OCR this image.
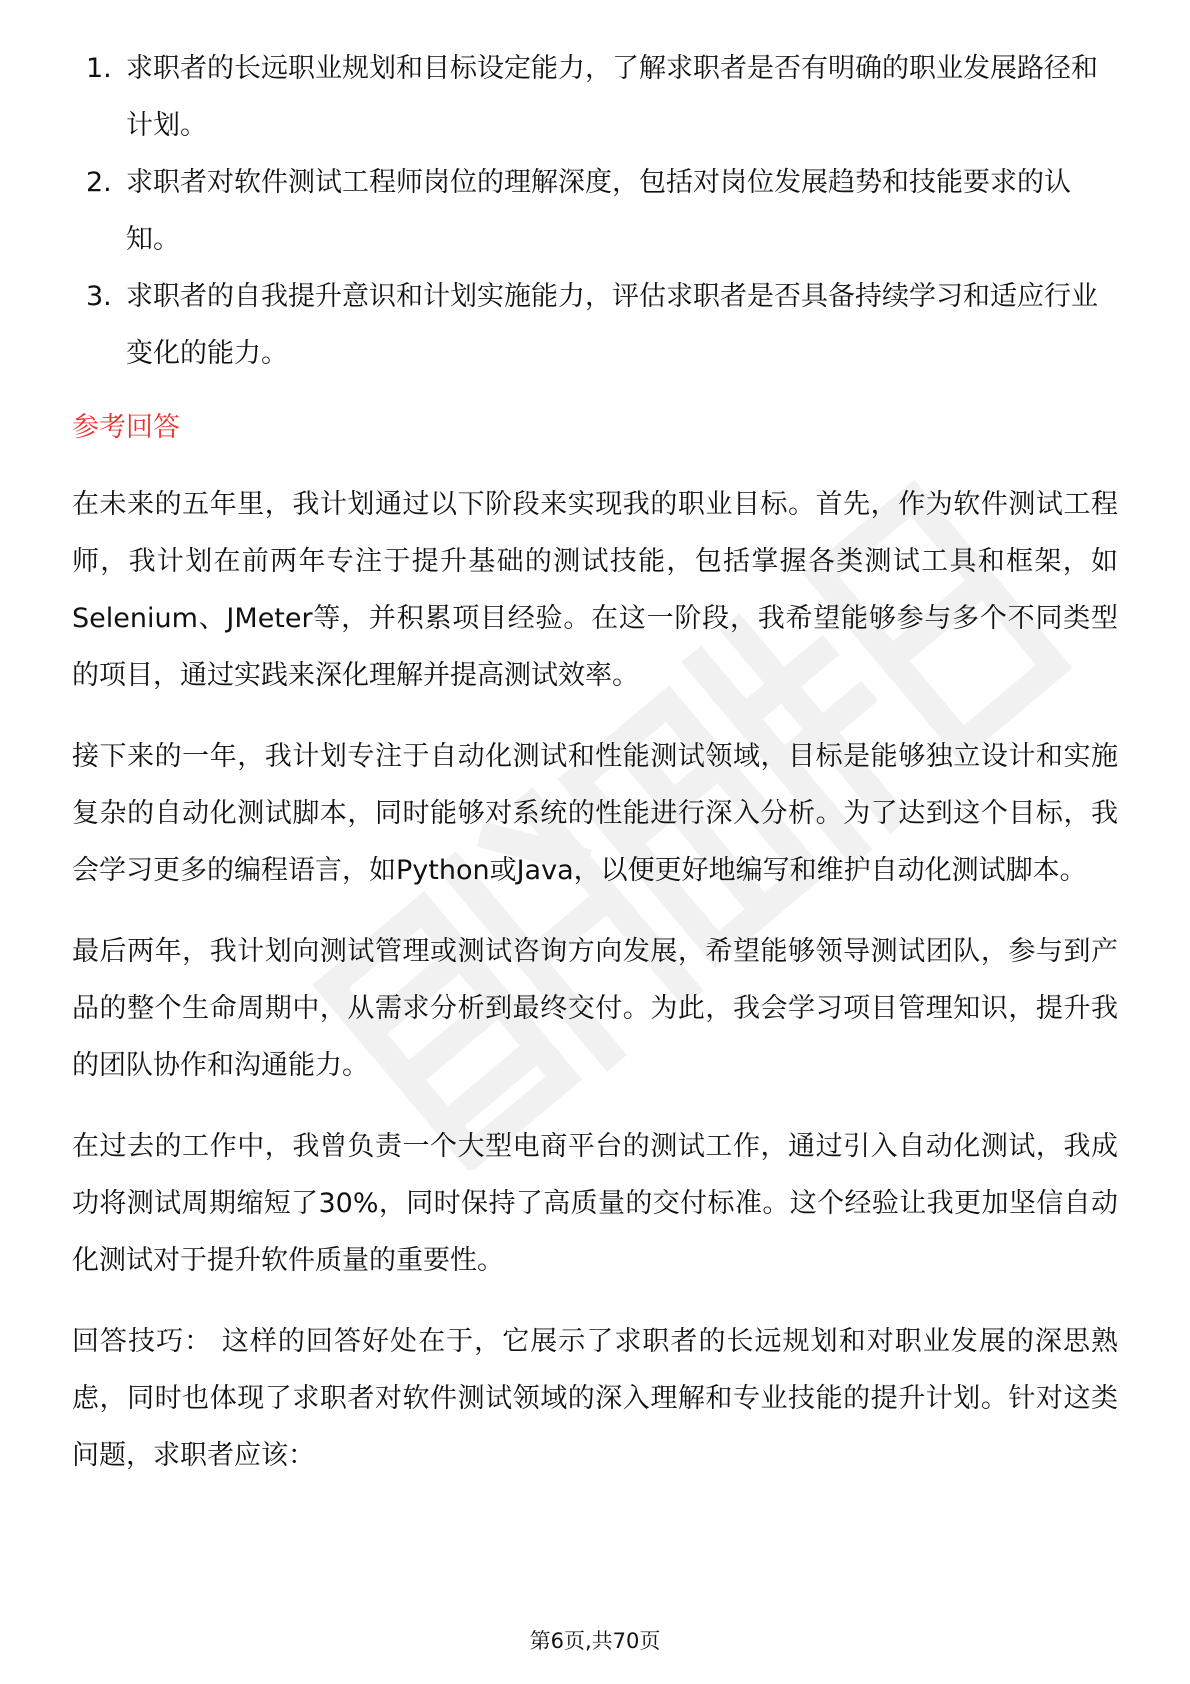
1. 求职者的长远职业规划和目标设定能力，了解求职者是否有明确的职业发展路径和计划。
2. 求职者对软件测试工程师岗位的理解深度，包括对岗位发展趋势和技能要求的认知。
3. 求职者的自我提升意识和计划实施能力，评估求职者是否具备持续学习和适应行业变化的能力。
参考回答

在未来的五年里，我计划通过以下阶段来实现我的职业目标。首先，作为软件测试工程师，我计划在前两年专注于提升基础的测试技能，包括掌握各类测试工具和框架，如Selenium、JMeter等，并积累项目经验。在这一阶段，我希望能够参与多个不同类型的项目，通过实践来深化理解并提高测试效率。

接下来的一年，我计划专注于自动化测试和性能测试领域，目标是能够独立设计和实施复杂的自动化测试脚本，同时能够对系统的性能进行深入分析。为了达到这个目标，我会学习更多的编程语言，如Python或Java，以便更好地编写和维护自动化测试脚本。

最后两年，我计划向测试管理或测试咨询方向发展，希望能够领导测试团队，参与到产品的整个生命周期中，从需求分析到最终交付。为此，我会学习项目管理知识，提升我的团队协作和沟通能力。

在过去的工作中，我曾负责一个大型电商平台的测试工作，通过引入自动化测试，我成功将测试周期缩短了30%，同时保持了高质量的交付标准。这个经验让我更加坚信自动化测试对于提升软件质量的重要性。

回答技巧： 这样的回答好处在于，它展示了求职者的长远规划和对职业发展的深思熟虑，同时也体现了求职者对软件测试领域的深入理解和专业技能的提升计划。针对这类问题，求职者应该：

第6页,共70页
